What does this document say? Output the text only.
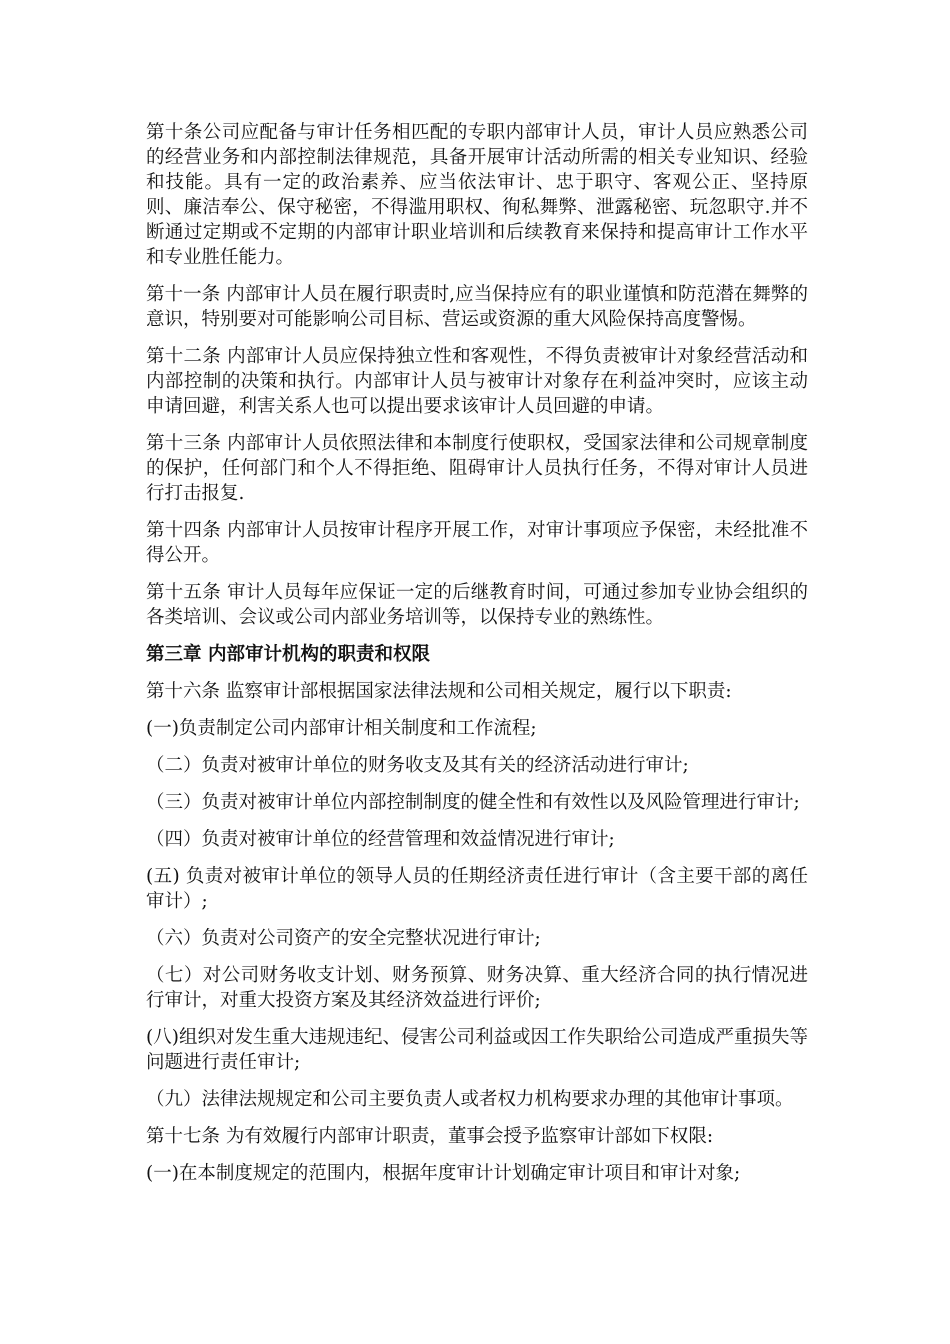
第十条公司应配备与审计任务相匹配的专职内部审计人员，审计人员应熟悉公司的经营业务和内部控制法律规范，具备开展审计活动所需的相关专业知识、经验和技能。具有一定的政治素养、应当依法审计、忠于职守、客观公正、坚持原则、廉洁奉公、保守秘密，不得滥用职权、徇私舞弊、泄露秘密、玩忽职守.并不断通过定期或不定期的内部审计职业培训和后续教育来保持和提高审计工作水平和专业胜任能力。

第十一条 内部审计人员在履行职责时,应当保持应有的职业谨慎和防范潜在舞弊的意识，特别要对可能影响公司目标、营运或资源的重大风险保持高度警惕。

第十二条 内部审计人员应保持独立性和客观性，不得负责被审计对象经营活动和内部控制的决策和执行。内部审计人员与被审计对象存在利益冲突时，应该主动申请回避，利害关系人也可以提出要求该审计人员回避的申请。

第十三条 内部审计人员依照法律和本制度行使职权，受国家法律和公司规章制度的保护，任何部门和个人不得拒绝、阻碍审计人员执行任务，不得对审计人员进行打击报复.

第十四条 内部审计人员按审计程序开展工作，对审计事项应予保密，未经批准不得公开。

第十五条 审计人员每年应保证一定的后继教育时间，可通过参加专业协会组织的各类培训、会议或公司内部业务培训等，以保持专业的熟练性。

第三章 内部审计机构的职责和权限

第十六条 监察审计部根据国家法律法规和公司相关规定，履行以下职责:

(一)负责制定公司内部审计相关制度和工作流程;

（二）负责对被审计单位的财务收支及其有关的经济活动进行审计;

（三）负责对被审计单位内部控制制度的健全性和有效性以及风险管理进行审计;

（四）负责对被审计单位的经营管理和效益情况进行审计;

(五) 负责对被审计单位的领导人员的任期经济责任进行审计（含主要干部的离任审计）;

（六）负责对公司资产的安全完整状况进行审计;

（七）对公司财务收支计划、财务预算、财务决算、重大经济合同的执行情况进行审计，对重大投资方案及其经济效益进行评价;

(八)组织对发生重大违规违纪、侵害公司利益或因工作失职给公司造成严重损失等问题进行责任审计;

（九）法律法规规定和公司主要负责人或者权力机构要求办理的其他审计事项。

第十七条 为有效履行内部审计职责，董事会授予监察审计部如下权限:

(一)在本制度规定的范围内，根据年度审计计划确定审计项目和审计对象;
